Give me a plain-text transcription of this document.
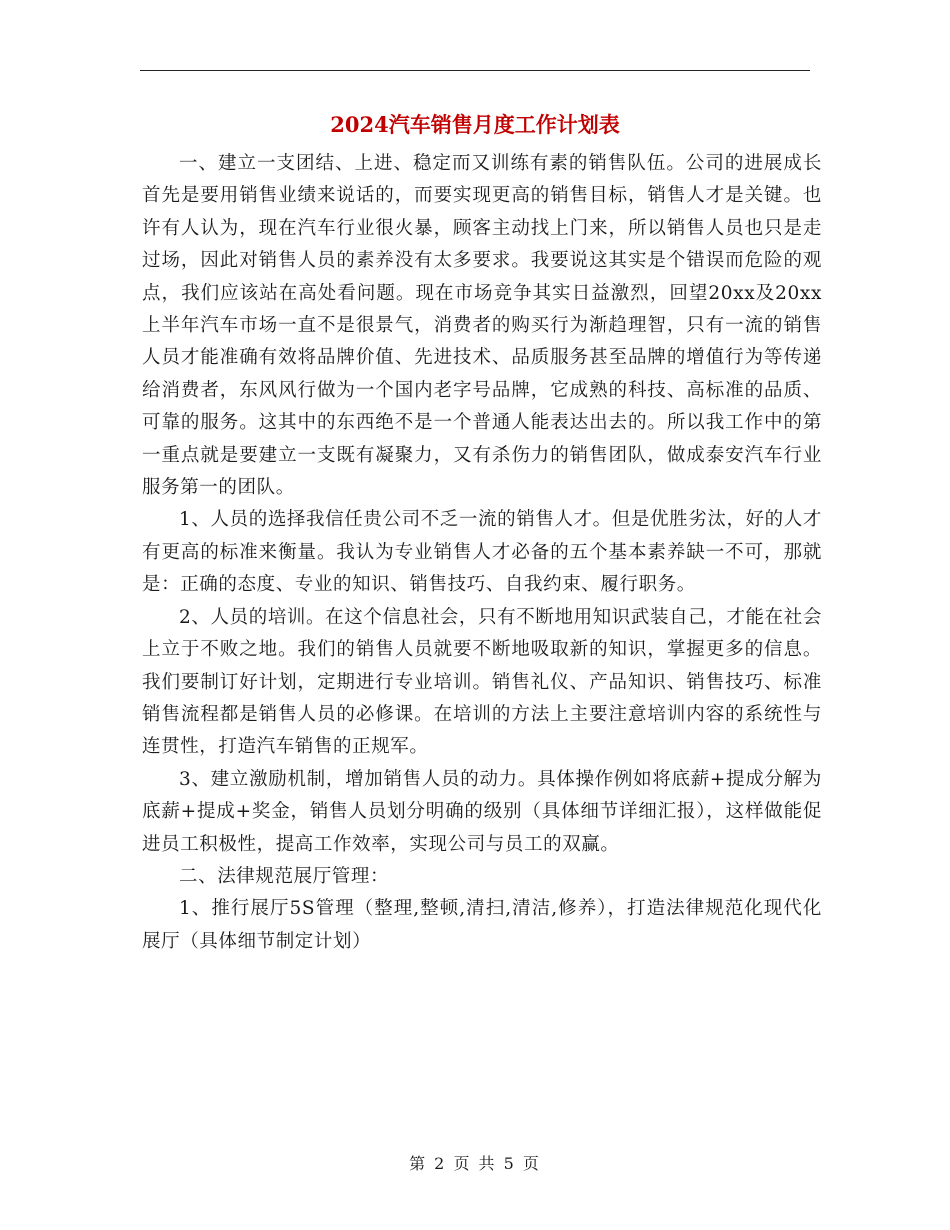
2024汽车销售月度工作计划表

一、建立一支团结、上进、稳定而又训练有素的销售队伍。公司的进展成长首先是要用销售业绩来说话的，而要实现更高的销售目标，销售人才是关键。也许有人认为，现在汽车行业很火暴，顾客主动找上门来，所以销售人员也只是走过场，因此对销售人员的素养没有太多要求。我要说这其实是个错误而危险的观点，我们应该站在高处看问题。现在市场竞争其实日益激烈，回望20xx及20xx上半年汽车市场一直不是很景气，消费者的购买行为渐趋理智，只有一流的销售人员才能准确有效将品牌价值、先进技术、品质服务甚至品牌的增值行为等传递给消费者，东风风行做为一个国内老字号品牌，它成熟的科技、高标准的品质、可靠的服务。这其中的东西绝不是一个普通人能表达出去的。所以我工作中的第一重点就是要建立一支既有凝聚力，又有杀伤力的销售团队，做成泰安汽车行业服务第一的团队。

1、人员的选择我信任贵公司不乏一流的销售人才。但是优胜劣汰，好的人才有更高的标准来衡量。我认为专业销售人才必备的五个基本素养缺一不可，那就是：正确的态度、专业的知识、销售技巧、自我约束、履行职务。

2、人员的培训。在这个信息社会，只有不断地用知识武装自己，才能在社会上立于不败之地。我们的销售人员就要不断地吸取新的知识，掌握更多的信息。我们要制订好计划，定期进行专业培训。销售礼仪、产品知识、销售技巧、标准销售流程都是销售人员的必修课。在培训的方法上主要注意培训内容的系统性与连贯性，打造汽车销售的正规军。

3、建立激励机制，增加销售人员的动力。具体操作例如将底薪+提成分解为底薪+提成+奖金，销售人员划分明确的级别（具体细节详细汇报），这样做能促进员工积极性，提高工作效率，实现公司与员工的双赢。

二、法律规范展厅管理：

1、推行展厅5S管理（整理,整顿,清扫,清洁,修养），打造法律规范化现代化展厅（具体细节制定计划）

第 2 页 共 5 页
